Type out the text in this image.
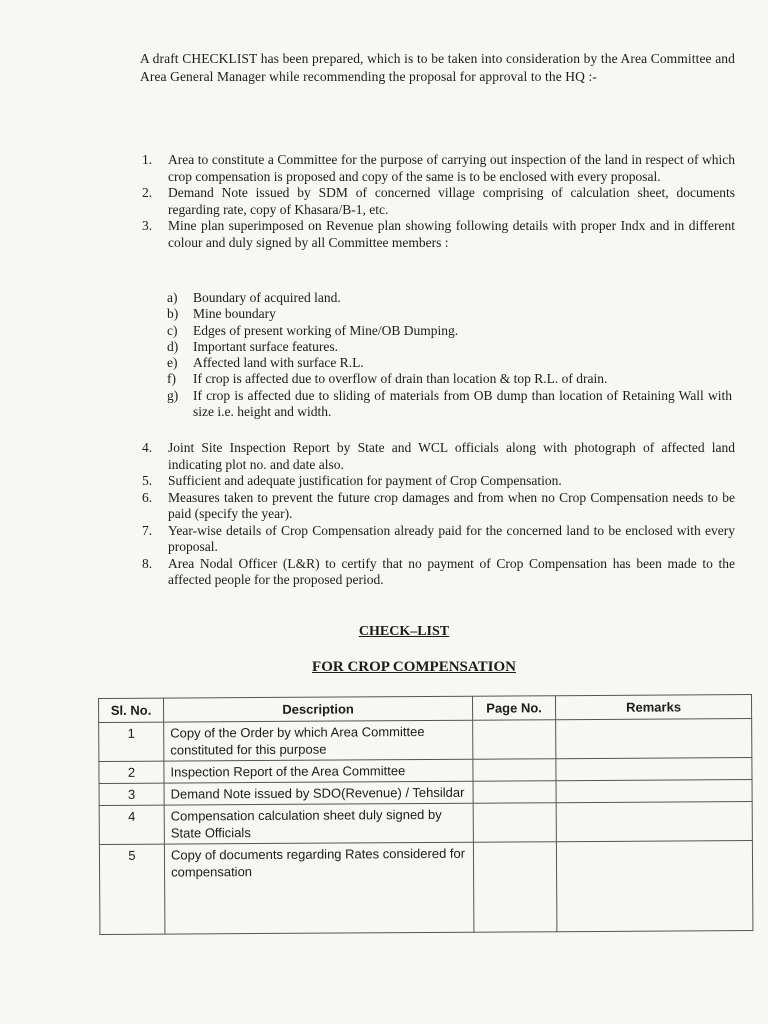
A draft CHECKLIST has been prepared, which is to be taken into consideration by the Area Committee and Area General Manager while recommending the proposal for approval to the HQ :-

1.	Area to constitute a Committee for the purpose of carrying out inspection of the land in respect of which crop compensation is proposed and copy of the same is to be enclosed with every proposal.
2.	Demand Note issued by SDM of concerned village comprising of calculation sheet, documents regarding rate, copy of Khasara/B-1, etc.
3.	Mine plan superimposed on Revenue plan showing following details with proper Indx and in different colour and duly signed by all Committee members :
a) Boundary of acquired land.
b) Mine boundary
c) Edges of present working of Mine/OB Dumping.
d) Important surface features.
e) Affected land with surface R.L.
f) If crop is affected due to overflow of drain than location & top R.L. of drain.
g) If crop is affected due to sliding of materials from OB dump than location of Retaining Wall with size i.e. height and width.
4.	Joint Site Inspection Report by State and WCL officials along with photograph of affected land indicating plot no. and date also.
5.	Sufficient and adequate justification for payment of Crop Compensation.
6.	Measures taken to prevent the future crop damages and from when no Crop Compensation needs to be paid (specify the year).
7.	Year-wise details of Crop Compensation already paid for the concerned land to be enclosed with every proposal.
8.	Area Nodal Officer (L&R) to certify that no payment of Crop Compensation has been made to the affected people for the proposed period.
CHECK–LIST
FOR CROP COMPENSATION
Sl. No.	Description	Page No.	Remarks
1	Copy of the Order by which Area Committee constituted for this purpose		
2	Inspection Report of the Area Committee		
3	Demand Note issued by SDO(Revenue) / Tehsildar		
4	Compensation calculation sheet duly signed by State Officials		
5	Copy of documents regarding Rates considered for compensation		
